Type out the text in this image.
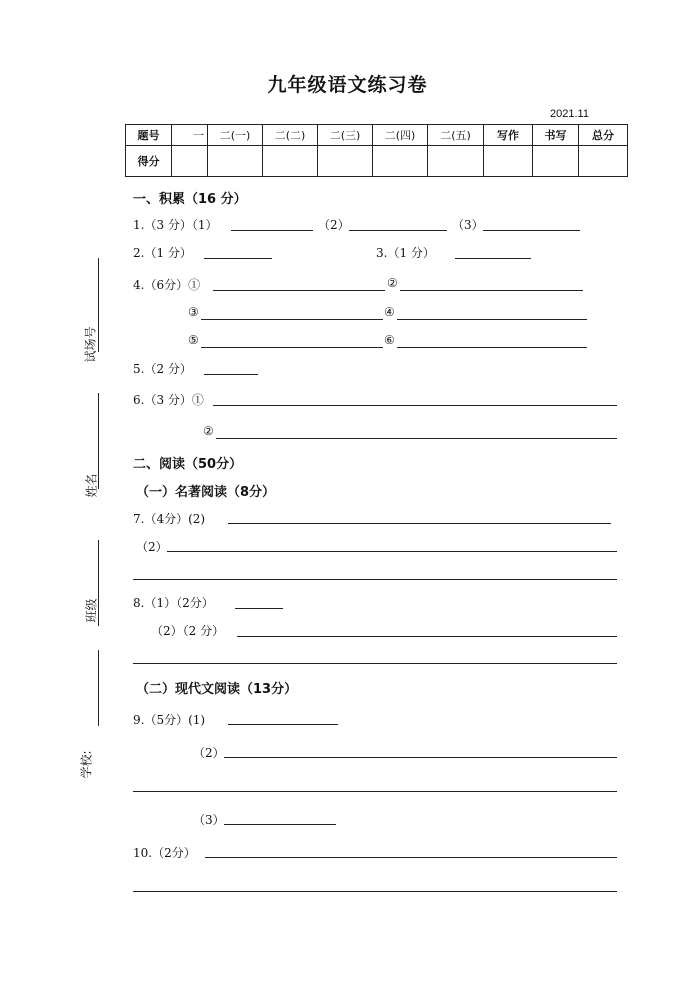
九年级语文练习卷
2021.11
题号	一	二(一)	二(二)	二(三)	二(四)	二(五)	写作	书写	总分
得分									
试场号
姓名
班级
学校:
一、积累（16 分）
1.（3 分）（1）	（2）	（3）
2.（1 分）	3.（1 分）
4.（6分）①	②
③	④
⑤	⑥
5.（2 分）
6.（3 分）①
②
二、阅读（50分）
（一）名著阅读（8分）
7.（4分）(2)
（2）
8.（1）（2分）
（2）（2 分）
（二）现代文阅读（13分）
9.（5分）(1)
（2）
（3）
10.（2分）
